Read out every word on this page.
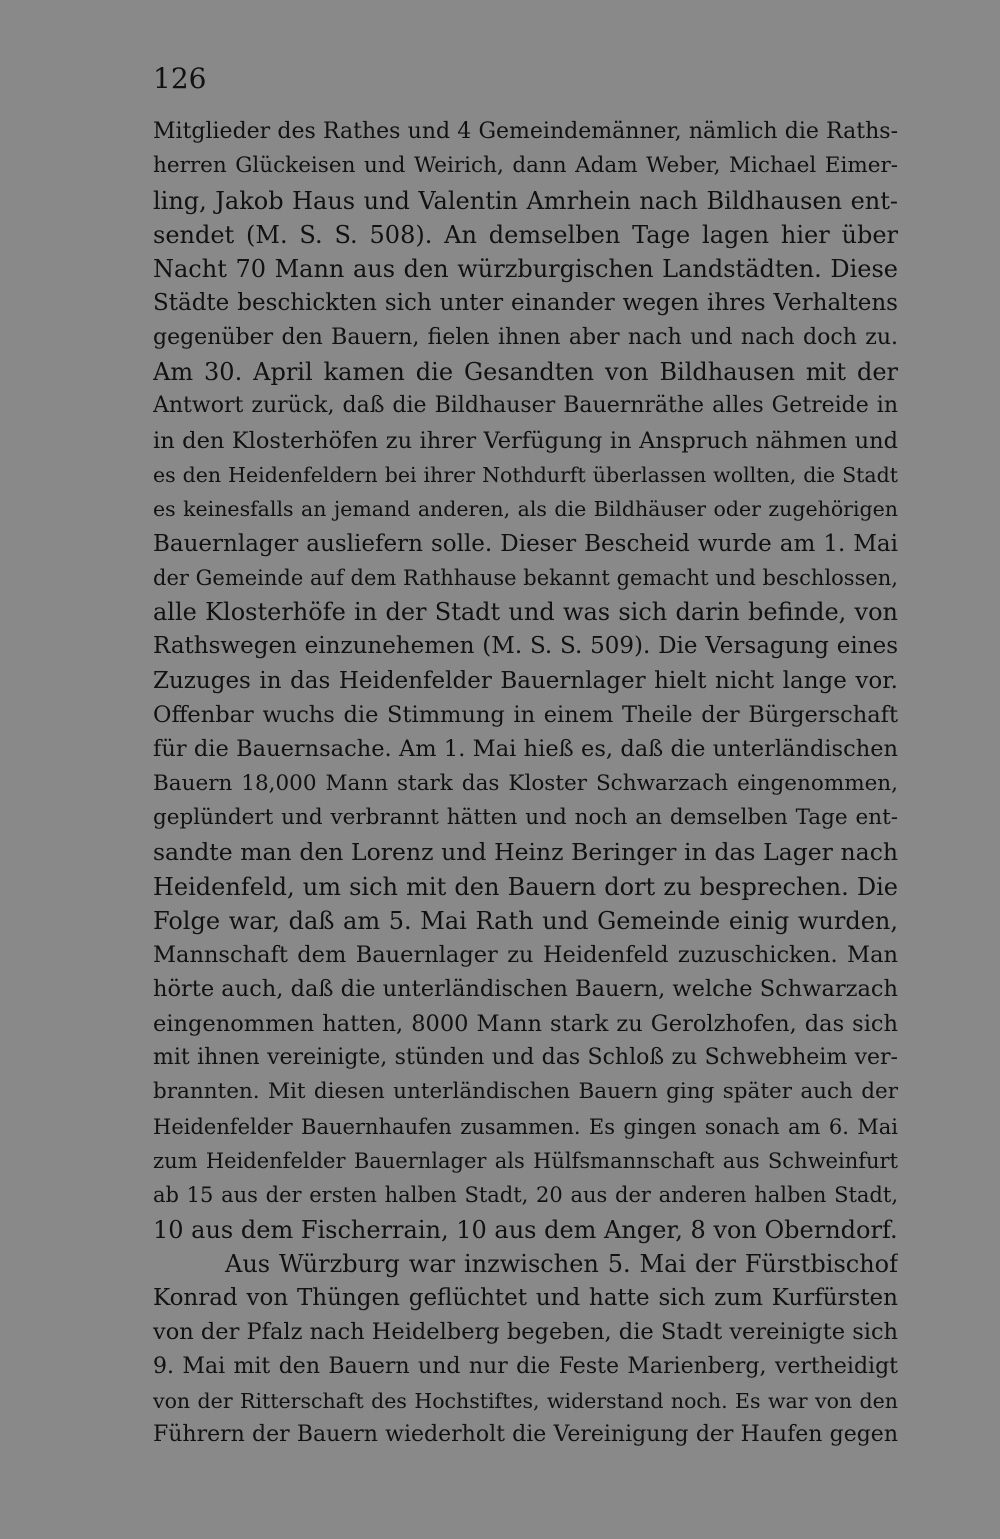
126
Mitglieder des Rathes und 4 Gemeindemänner, nämlich die Raths-
herren Glückeisen und Weirich, dann Adam Weber, Michael Eimer-
ling, Jakob Haus und Valentin Amrhein nach Bildhausen ent-
sendet (M. S. S. 508). An demselben Tage lagen hier über
Nacht 70 Mann aus den würzburgischen Landstädten. Diese
Städte beschickten sich unter einander wegen ihres Verhaltens
gegenüber den Bauern, fielen ihnen aber nach und nach doch zu.
Am 30. April kamen die Gesandten von Bildhausen mit der
Antwort zurück, daß die Bildhauser Bauernräthe alles Getreide in
in den Klosterhöfen zu ihrer Verfügung in Anspruch nähmen und
es den Heidenfeldern bei ihrer Nothdurft überlassen wollten, die Stadt
es keinesfalls an jemand anderen, als die Bildhäuser oder zugehörigen
Bauernlager ausliefern solle. Dieser Bescheid wurde am 1. Mai
der Gemeinde auf dem Rathhause bekannt gemacht und beschlossen,
alle Klosterhöfe in der Stadt und was sich darin befinde, von
Rathswegen einzunehemen (M. S. S. 509). Die Versagung eines
Zuzuges in das Heidenfelder Bauernlager hielt nicht lange vor.
Offenbar wuchs die Stimmung in einem Theile der Bürgerschaft
für die Bauernsache. Am 1. Mai hieß es, daß die unterländischen
Bauern 18,000 Mann stark das Kloster Schwarzach eingenommen,
geplündert und verbrannt hätten und noch an demselben Tage ent-
sandte man den Lorenz und Heinz Beringer in das Lager nach
Heidenfeld, um sich mit den Bauern dort zu besprechen. Die
Folge war, daß am 5. Mai Rath und Gemeinde einig wurden,
Mannschaft dem Bauernlager zu Heidenfeld zuzuschicken. Man
hörte auch, daß die unterländischen Bauern, welche Schwarzach
eingenommen hatten, 8000 Mann stark zu Gerolzhofen, das sich
mit ihnen vereinigte, stünden und das Schloß zu Schwebheim ver-
brannten. Mit diesen unterländischen Bauern ging später auch der
Heidenfelder Bauernhaufen zusammen. Es gingen sonach am 6. Mai
zum Heidenfelder Bauernlager als Hülfsmannschaft aus Schweinfurt
ab 15 aus der ersten halben Stadt, 20 aus der anderen halben Stadt,
10 aus dem Fischerrain, 10 aus dem Anger, 8 von Oberndorf.
Aus Würzburg war inzwischen 5. Mai der Fürstbischof
Konrad von Thüngen geflüchtet und hatte sich zum Kurfürsten
von der Pfalz nach Heidelberg begeben, die Stadt vereinigte sich
9. Mai mit den Bauern und nur die Feste Marienberg, vertheidigt
von der Ritterschaft des Hochstiftes, widerstand noch. Es war von den
Führern der Bauern wiederholt die Vereinigung der Haufen gegen
